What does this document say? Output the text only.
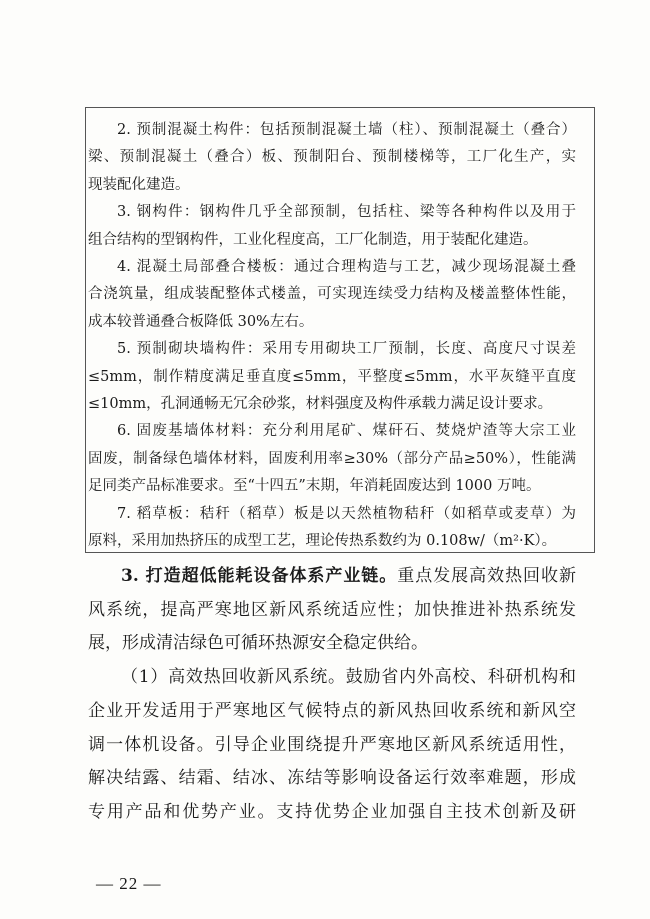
2. 预制混凝土构件：包括预制混凝土墙（柱）、预制混凝土（叠合）
梁、预制混凝土（叠合）板、预制阳台、预制楼梯等，工厂化生产，实
现装配化建造。
3. 钢构件：钢构件几乎全部预制，包括柱、梁等各种构件以及用于
组合结构的型钢构件，工业化程度高，工厂化制造，用于装配化建造。
4. 混凝土局部叠合楼板：通过合理构造与工艺，减少现场混凝土叠
合浇筑量，组成装配整体式楼盖，可实现连续受力结构及楼盖整体性能，
成本较普通叠合板降低 30%左右。
5. 预制砌块墙构件：采用专用砌块工厂预制，长度、高度尺寸误差
≤5mm，制作精度满足垂直度≤5mm，平整度≤5mm，水平灰缝平直度
≤10mm，孔洞通畅无冗余砂浆，材料强度及构件承载力满足设计要求。
6. 固废基墙体材料：充分利用尾矿、煤矸石、焚烧炉渣等大宗工业
固废，制备绿色墙体材料，固废利用率≥30%（部分产品≥50%），性能满
足同类产品标准要求。至“十四五”末期，年消耗固废达到 1000 万吨。
7. 稻草板：秸秆（稻草）板是以天然植物秸秆（如稻草或麦草）为
原料，采用加热挤压的成型工艺，理论传热系数约为 0.108w/（m²·K）。
3. 打造超低能耗设备体系产业链。重点发展高效热回收新
风系统，提高严寒地区新风系统适应性；加快推进补热系统发
展，形成清洁绿色可循环热源安全稳定供给。
（1）高效热回收新风系统。鼓励省内外高校、科研机构和
企业开发适用于严寒地区气候特点的新风热回收系统和新风空
调一体机设备。引导企业围绕提升严寒地区新风系统适用性，
解决结露、结霜、结冰、冻结等影响设备运行效率难题，形成
专用产品和优势产业。支持优势企业加强自主技术创新及研
— 22 —
